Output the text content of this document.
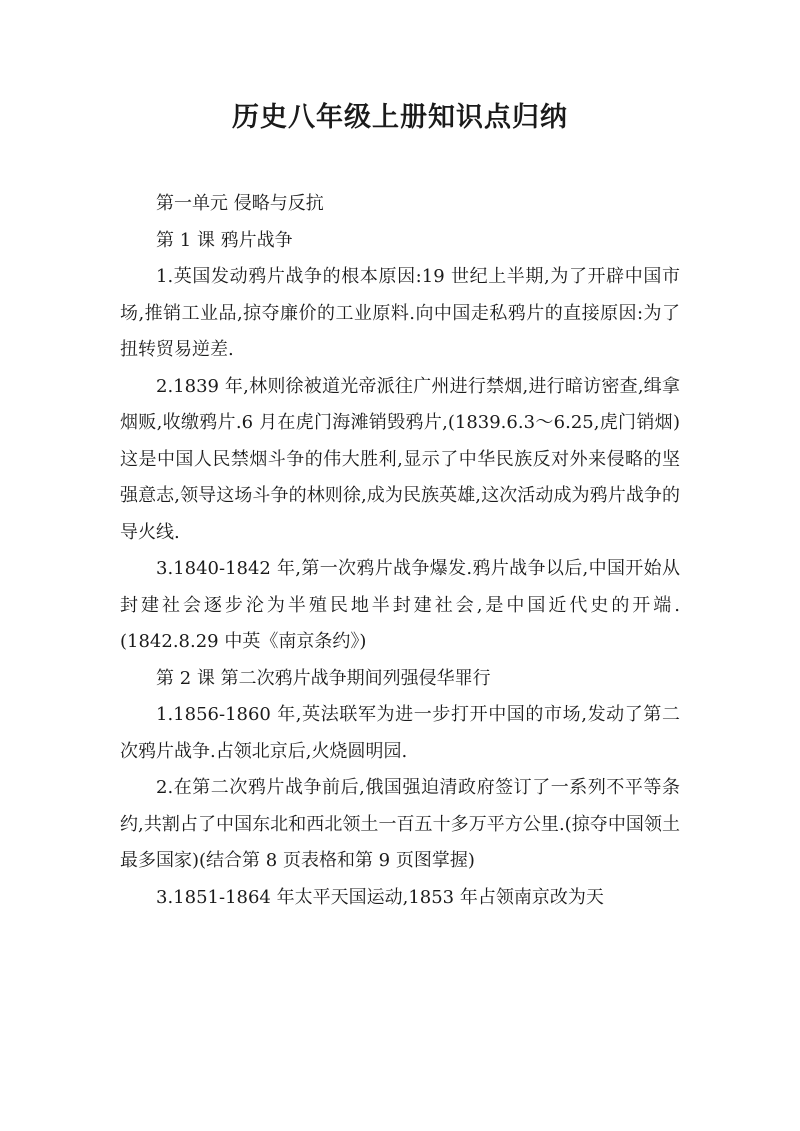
历史八年级上册知识点归纳

第一单元 侵略与反抗

第 1 课 鸦片战争

1.英国发动鸦片战争的根本原因:19 世纪上半期,为了开辟中国市场,推销工业品,掠夺廉价的工业原料.向中国走私鸦片的直接原因:为了扭转贸易逆差.

2.1839 年,林则徐被道光帝派往广州进行禁烟,进行暗访密查,缉拿烟贩,收缴鸦片.6 月在虎门海滩销毁鸦片,(1839.6.3～6.25,虎门销烟)这是中国人民禁烟斗争的伟大胜利,显示了中华民族反对外来侵略的坚强意志,领导这场斗争的林则徐,成为民族英雄,这次活动成为鸦片战争的导火线.

3.1840-1842 年,第一次鸦片战争爆发.鸦片战争以后,中国开始从封建社会逐步沦为半殖民地半封建社会,是中国近代史的开端.(1842.8.29 中英《南京条约》)

第 2 课 第二次鸦片战争期间列强侵华罪行

1.1856-1860 年,英法联军为进一步打开中国的市场,发动了第二次鸦片战争.占领北京后,火烧圆明园.

2.在第二次鸦片战争前后,俄国强迫清政府签订了一系列不平等条约,共割占了中国东北和西北领土一百五十多万平方公里.(掠夺中国领土最多国家)(结合第 8 页表格和第 9 页图掌握)

3.1851-1864 年太平天国运动,1853 年占领南京改为天
